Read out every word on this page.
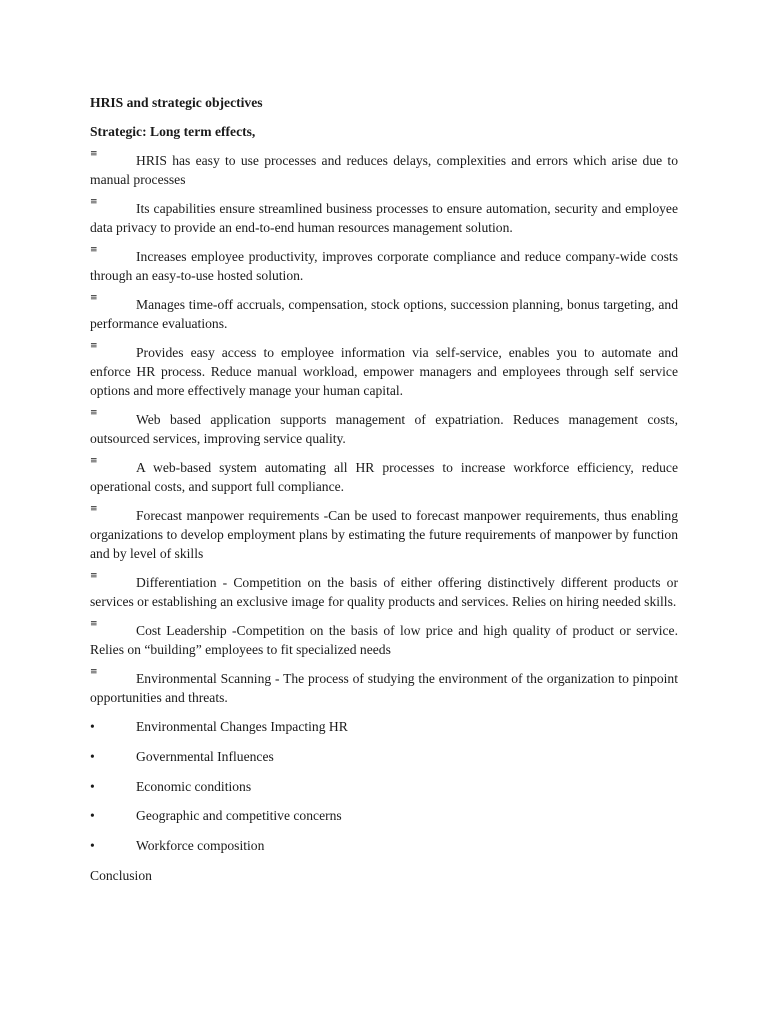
HRIS and strategic objectives
Strategic: Long term effects,
≡	HRIS has easy to use processes and reduces delays, complexities and errors which arise due to manual processes
≡	Its capabilities ensure streamlined business processes to ensure automation, security and employee data privacy to provide an end-to-end human resources management solution.
≡	Increases employee productivity, improves corporate compliance and reduce company-wide costs through an easy-to-use hosted solution.
≡	Manages time-off accruals, compensation, stock options, succession planning, bonus targeting, and performance evaluations.
≡	Provides easy access to employee information via self-service, enables you to automate and enforce HR process. Reduce manual workload, empower managers and employees through self service options and more effectively manage your human capital.
≡	Web based application supports management of expatriation. Reduces management costs, outsourced services, improving service quality.
≡	A web-based system automating all HR processes to increase workforce efficiency, reduce operational costs, and support full compliance.
≡	Forecast manpower requirements -Can be used to forecast manpower requirements, thus enabling organizations to develop employment plans by estimating the future requirements of manpower by function and by level of skills
≡	Differentiation - Competition on the basis of either offering distinctively different products or services or establishing an exclusive image for quality products and services. Relies on hiring needed skills.
≡	Cost Leadership -Competition on the basis of low price and high quality of product or service. Relies on “building” employees to fit specialized needs
≡	Environmental Scanning - The process of studying the environment of the organization to pinpoint opportunities and threats.
•	Environmental Changes Impacting HR
•	Governmental Influences
•	Economic conditions
•	Geographic and competitive concerns
•	Workforce composition
Conclusion
